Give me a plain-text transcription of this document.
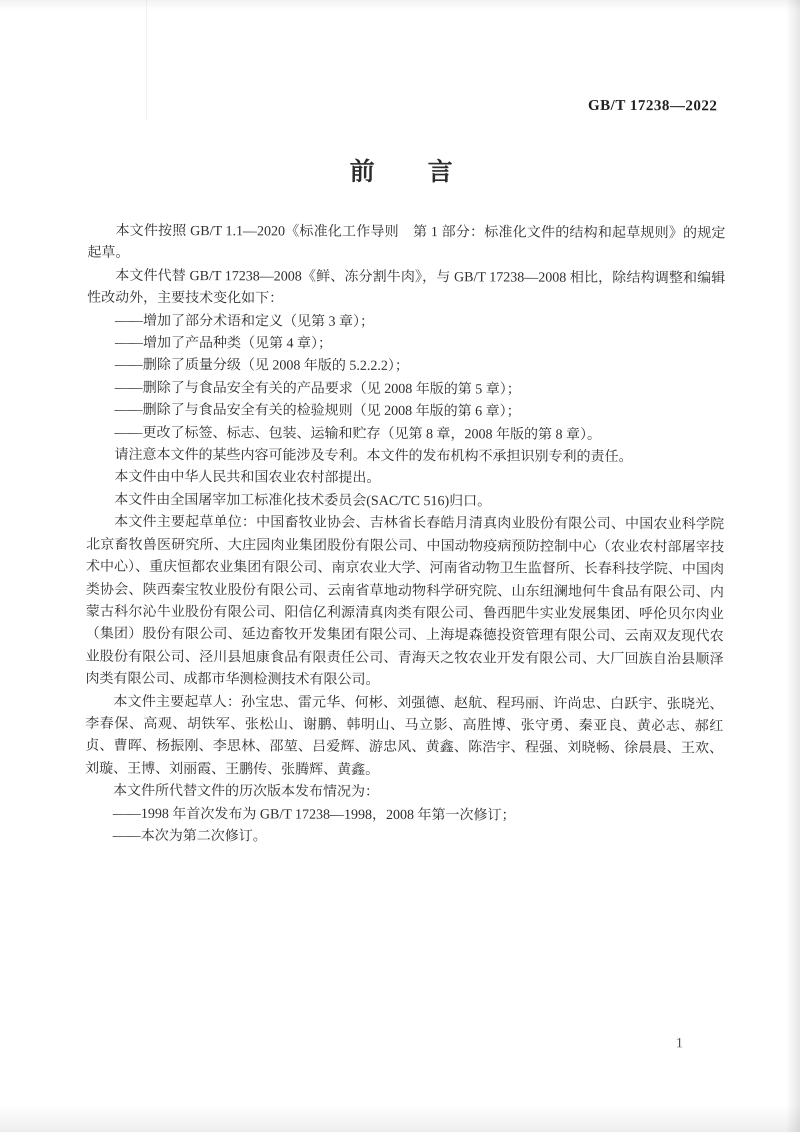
GB/T 17238—2022
前　　言

本文件按照 GB/T 1.1—2020《标准化工作导则　第 1 部分：标准化文件的结构和起草规则》的规定起草。

本文件代替 GB/T 17238—2008《鲜、冻分割牛肉》，与 GB/T 17238—2008 相比，除结构调整和编辑性改动外，主要技术变化如下：

——增加了部分术语和定义（见第 3 章）；

——增加了产品种类（见第 4 章）；

——删除了质量分级（见 2008 年版的 5.2.2.2）；

——删除了与食品安全有关的产品要求（见 2008 年版的第 5 章）；

——删除了与食品安全有关的检验规则（见 2008 年版的第 6 章）；

——更改了标签、标志、包装、运输和贮存（见第 8 章，2008 年版的第 8 章）。

请注意本文件的某些内容可能涉及专利。本文件的发布机构不承担识别专利的责任。

本文件由中华人民共和国农业农村部提出。

本文件由全国屠宰加工标准化技术委员会(SAC/TC 516)归口。

本文件主要起草单位：中国畜牧业协会、吉林省长春皓月清真肉业股份有限公司、中国农业科学院北京畜牧兽医研究所、大庄园肉业集团股份有限公司、中国动物疫病预防控制中心（农业农村部屠宰技术中心）、重庆恒都农业集团有限公司、南京农业大学、河南省动物卫生监督所、长春科技学院、中国肉类协会、陕西秦宝牧业股份有限公司、云南省草地动物科学研究院、山东纽澜地何牛食品有限公司、内蒙古科尔沁牛业股份有限公司、阳信亿利源清真肉类有限公司、鲁西肥牛实业发展集团、呼伦贝尔肉业（集团）股份有限公司、延边畜牧开发集团有限公司、上海堤森德投资管理有限公司、云南双友现代农业股份有限公司、泾川县旭康食品有限责任公司、青海天之牧农业开发有限公司、大厂回族自治县顺泽肉类有限公司、成都市华测检测技术有限公司。

本文件主要起草人：孙宝忠、雷元华、何彬、刘强德、赵航、程玛丽、许尚忠、白跃宇、张晓光、李春保、高观、胡铁军、张松山、谢鹏、韩明山、马立影、高胜博、张守勇、秦亚良、黄必志、郝红贞、曹晖、杨振刚、李思林、邵堃、吕爱辉、游忠风、黄鑫、陈浩宇、程强、刘晓畅、徐晨晨、王欢、刘璇、王博、刘丽霞、王鹏传、张腾辉、黄鑫。

本文件所代替文件的历次版本发布情况为：

——1998 年首次发布为 GB/T 17238—1998，2008 年第一次修订；

——本次为第二次修订。

1
